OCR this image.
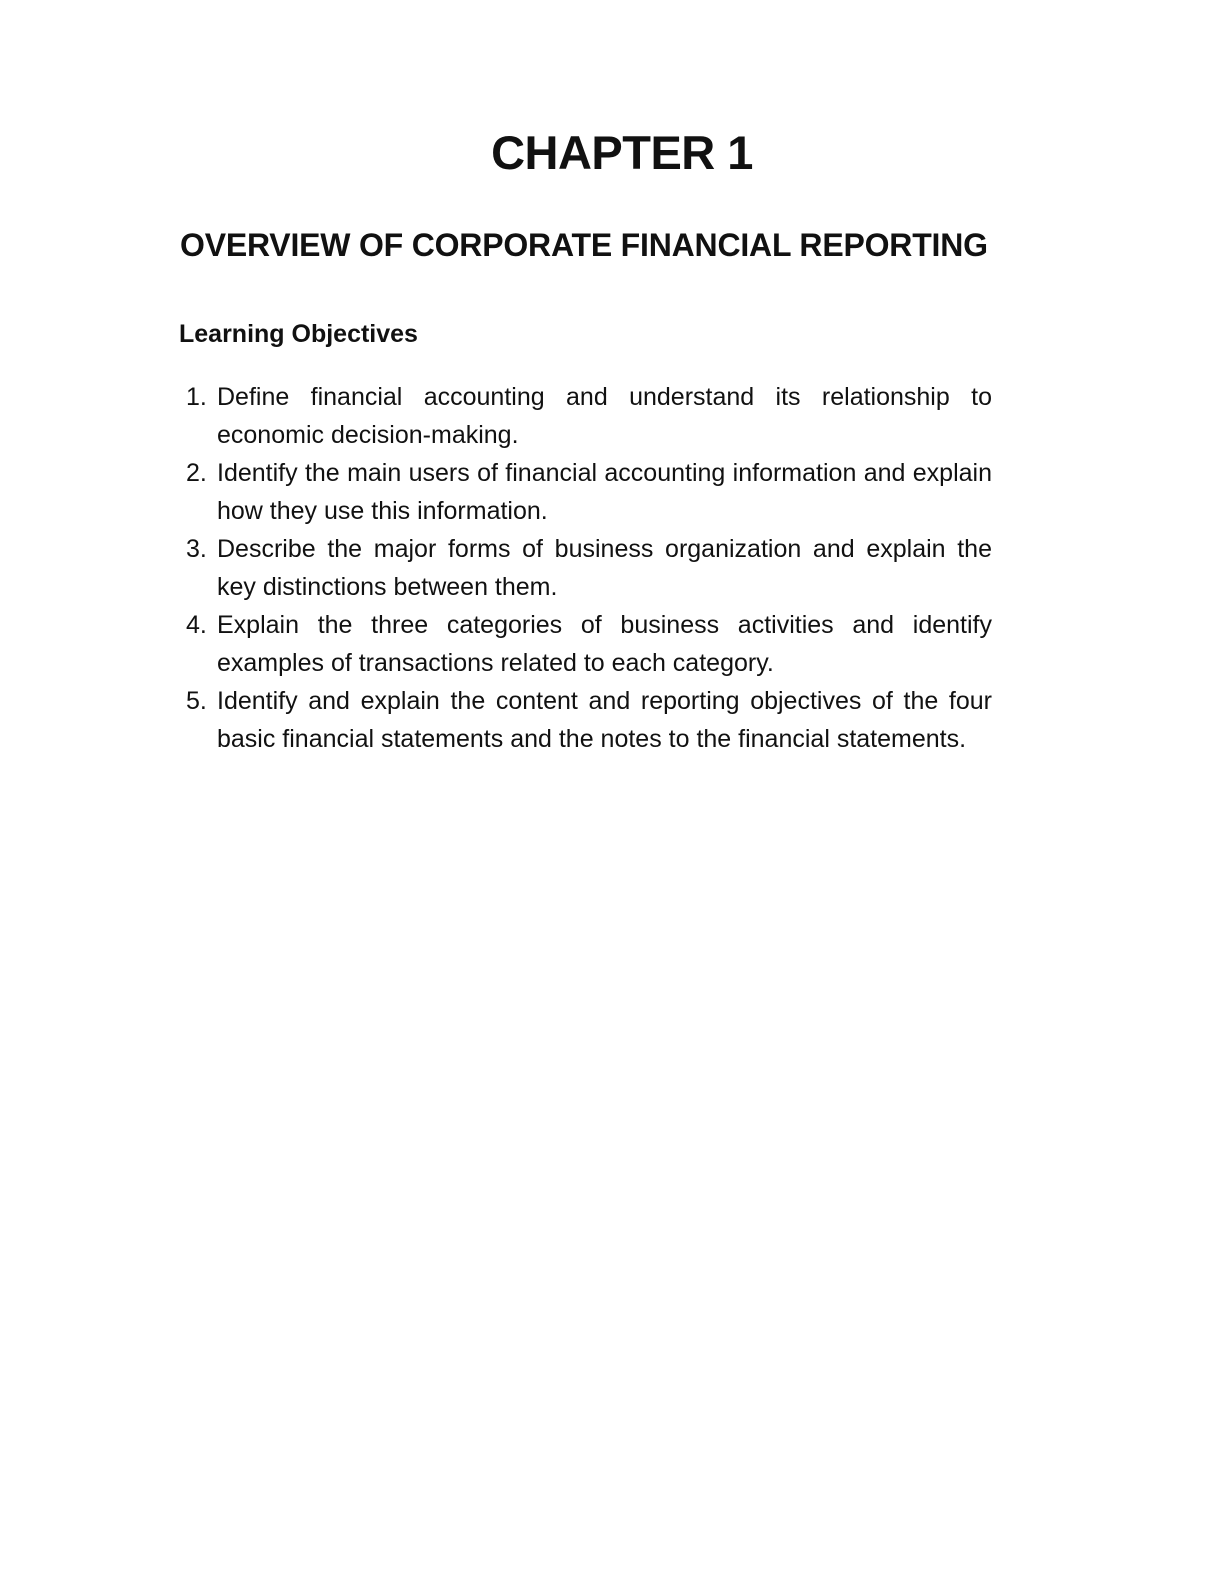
CHAPTER 1
OVERVIEW OF CORPORATE FINANCIAL REPORTING
Learning Objectives
1. Define financial accounting and understand its relationship to economic decision-making.
2. Identify the main users of financial accounting information and explain how they use this information.
3. Describe the major forms of business organization and explain the key distinctions between them.
4. Explain the three categories of business activities and identify examples of transactions related to each category.
5. Identify and explain the content and reporting objectives of the four basic financial statements and the notes to the financial statements.
